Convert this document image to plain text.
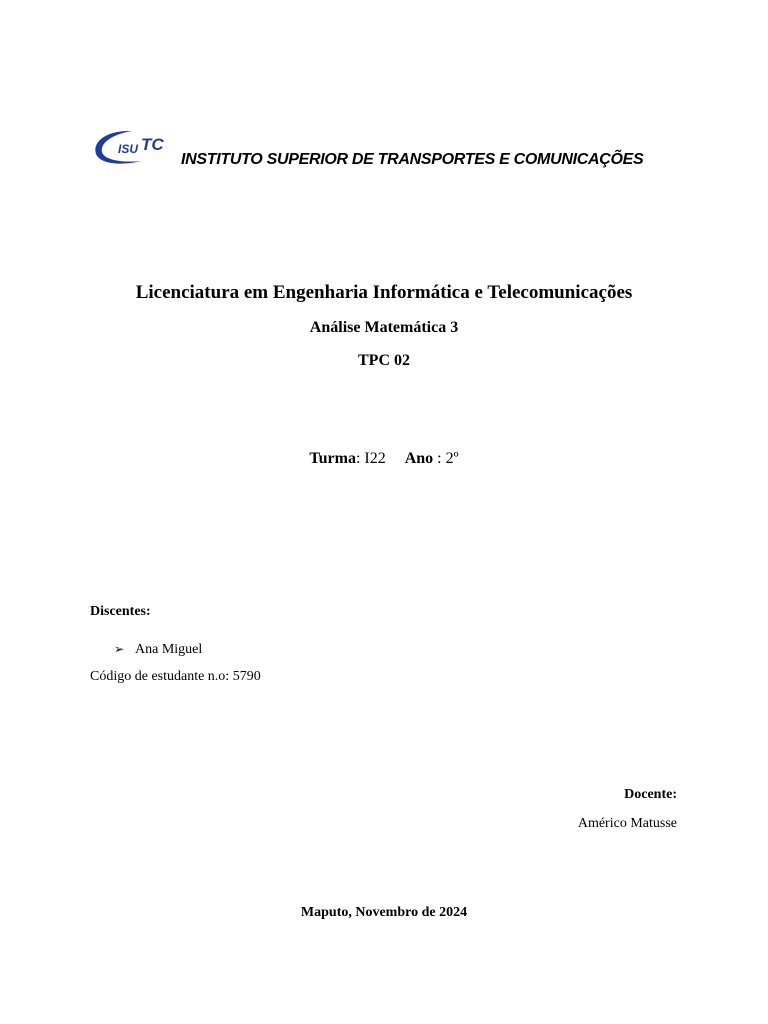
ISU TC
INSTITUTO SUPERIOR DE TRANSPORTES E COMUNICAÇÕES
Licenciatura em Engenharia Informática e Telecomunicações
Análise Matemática 3
TPC 02
Turma: I22 Ano : 2º
Discentes:
➢ Ana Miguel
Código de estudante n.o: 5790
Docente:
Américo Matusse
Maputo, Novembro de 2024
